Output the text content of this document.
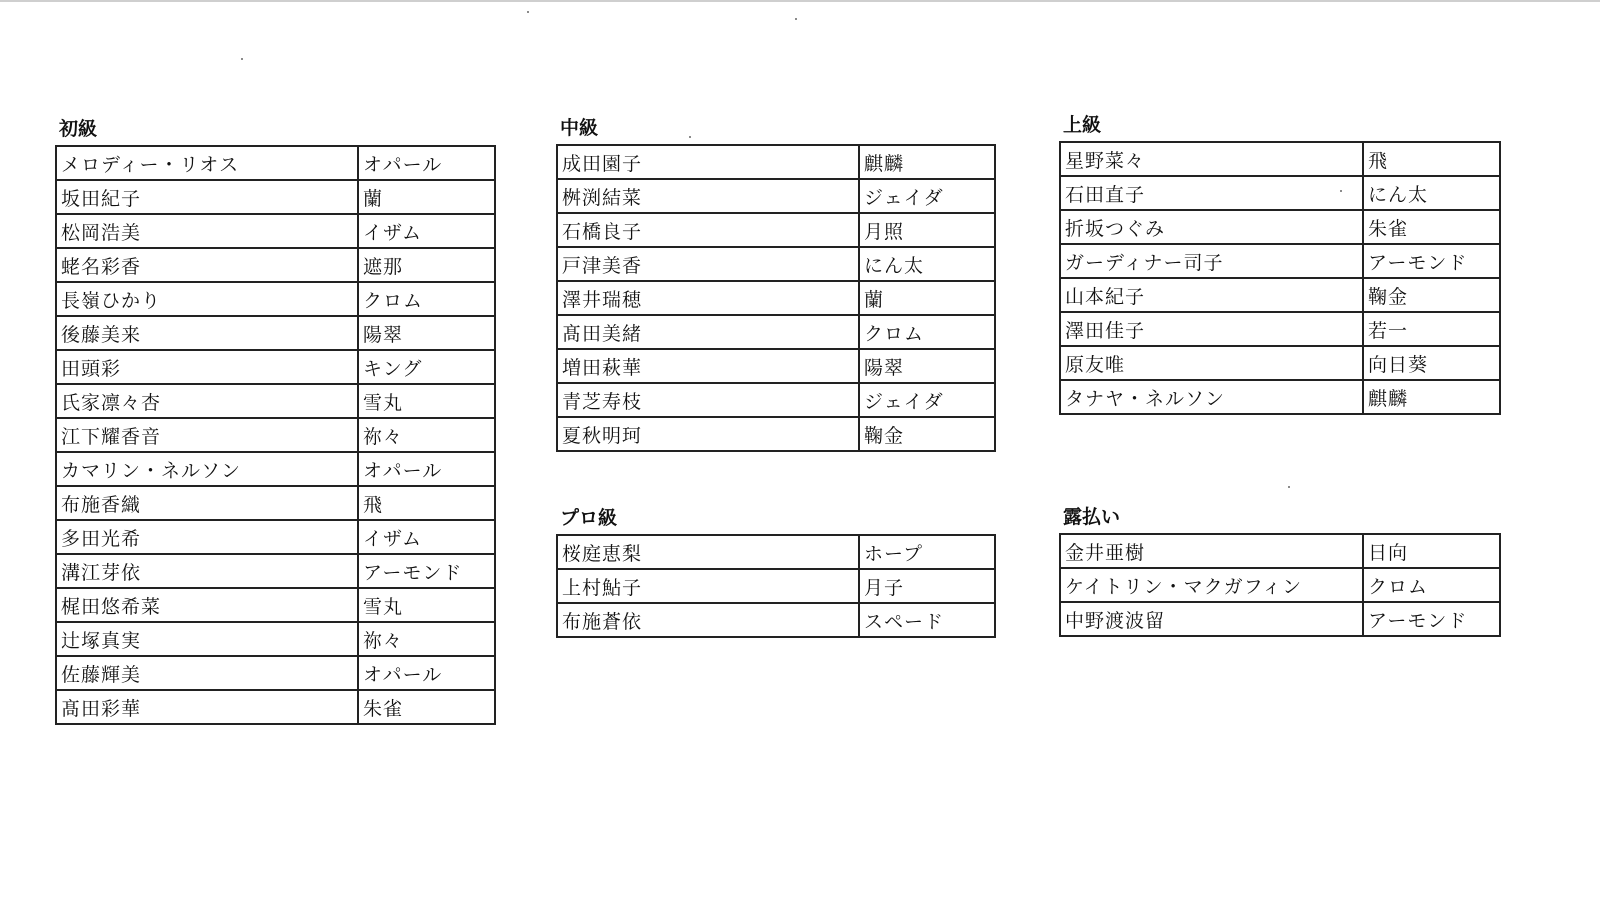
初級
メロディー・リオス	オパール
坂田紀子	蘭
松岡浩美	イザム
蛯名彩香	遮那
長嶺ひかり	クロム
後藤美来	陽翠
田頭彩	キング
氏家凛々杏	雪丸
江下耀香音	祢々
カマリン・ネルソン	オパール
布施香織	飛
多田光希	イザム
溝江芽依	アーモンド
梶田悠希菜	雪丸
辻塚真実	祢々
佐藤輝美	オパール
髙田彩華	朱雀
中級
成田園子	麒麟
桝渕結菜	ジェイダ
石橋良子	月照
戸津美香	にん太
澤井瑞穂	蘭
髙田美緒	クロム
増田萩華	陽翠
青芝寿枝	ジェイダ
夏秋明珂	鞠金
上級
星野菜々	飛
石田直子	にん太
折坂つぐみ	朱雀
ガーディナー司子	アーモンド
山本紀子	鞠金
澤田佳子	若一
原友唯	向日葵
タナヤ・ネルソン	麒麟
プロ級
桜庭恵梨	ホープ
上村鮎子	月子
布施蒼依	スペード
露払い
金井亜樹	日向
ケイトリン・マクガフィン	クロム
中野渡波留	アーモンド
